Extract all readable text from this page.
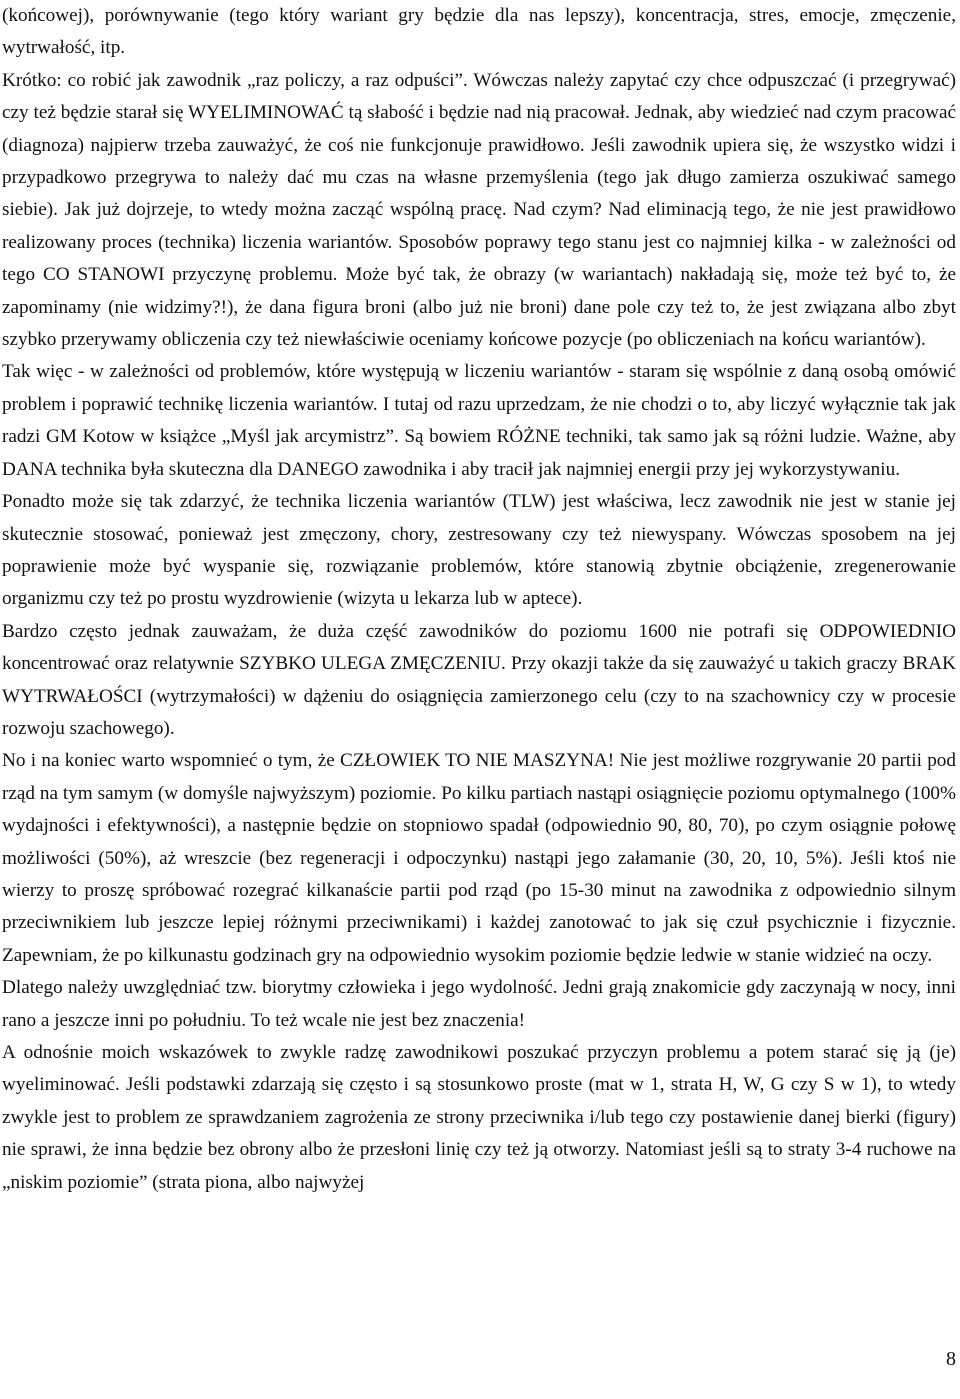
(końcowej), porównywanie (tego który wariant gry będzie dla nas lepszy), koncentracja, stres, emocje, zmęczenie, wytrwałość, itp.

Krótko: co robić jak zawodnik „raz policzy, a raz odpuści”. Wówczas należy zapytać czy chce odpuszczać (i przegrywać) czy też będzie starał się WYELIMINOWAĆ tą słabość i będzie nad nią pracował. Jednak, aby wiedzieć nad czym pracować (diagnoza) najpierw trzeba zauważyć, że coś nie funkcjonuje prawidłowo. Jeśli zawodnik upiera się, że wszystko widzi i przypadkowo przegrywa to należy dać mu czas na własne przemyślenia (tego jak długo zamierza oszukiwać samego siebie). Jak już dojrzeje, to wtedy można zacząć wspólną pracę. Nad czym? Nad eliminacją tego, że nie jest prawidłowo realizowany proces (technika) liczenia wariantów. Sposobów poprawy tego stanu jest co najmniej kilka - w zależności od tego CO STANOWI przyczynę problemu. Może być tak, że obrazy (w wariantach) nakładają się, może też być to, że zapominamy (nie widzimy?!), że dana figura broni (albo już nie broni) dane pole czy też to, że jest związana albo zbyt szybko przerywamy obliczenia czy też niewłaściwie oceniamy końcowe pozycje (po obliczeniach na końcu wariantów).

Tak więc - w zależności od problemów, które występują w liczeniu wariantów - staram się wspólnie z daną osobą omówić problem i poprawić technikę liczenia wariantów. I tutaj od razu uprzedzam, że nie chodzi o to, aby liczyć wyłącznie tak jak radzi GM Kotow w książce „Myśl jak arcymistrz”. Są bowiem RÓŻNE techniki, tak samo jak są różni ludzie. Ważne, aby DANA technika była skuteczna dla DANEGO zawodnika i aby tracił jak najmniej energii przy jej wykorzystywaniu.

Ponadto może się tak zdarzyć, że technika liczenia wariantów (TLW) jest właściwa, lecz zawodnik nie jest w stanie jej skutecznie stosować, ponieważ jest zmęczony, chory, zestresowany czy też niewyspany. Wówczas sposobem na jej poprawienie może być wyspanie się, rozwiązanie problemów, które stanowią zbytnie obciążenie, zregenerowanie organizmu czy też po prostu wyzdrowienie (wizyta u lekarza lub w aptece).

Bardzo często jednak zauważam, że duża część zawodników do poziomu 1600 nie potrafi się ODPOWIEDNIO koncentrować oraz relatywnie SZYBKO ULEGA ZMĘCZENIU. Przy okazji także da się zauważyć u takich graczy BRAK WYTRWAŁOŚCI (wytrzymałości) w dążeniu do osiągnięcia zamierzonego celu (czy to na szachownicy czy w procesie rozwoju szachowego).

No i na koniec warto wspomnieć o tym, że CZŁOWIEK TO NIE MASZYNA! Nie jest możliwe rozgrywanie 20 partii pod rząd na tym samym (w domyśle najwyższym) poziomie. Po kilku partiach nastąpi osiągnięcie poziomu optymalnego (100% wydajności i efektywności), a następnie będzie on stopniowo spadał (odpowiednio 90, 80, 70), po czym osiągnie połowę możliwości (50%), aż wreszcie (bez regeneracji i odpoczynku) nastąpi jego załamanie (30, 20, 10, 5%). Jeśli ktoś nie wierzy to proszę spróbować rozegrać kilkanaście partii pod rząd (po 15-30 minut na zawodnika z odpowiednio silnym przeciwnikiem lub jeszcze lepiej różnymi przeciwnikami) i każdej zanotować to jak się czuł psychicznie i fizycznie. Zapewniam, że po kilkunastu godzinach gry na odpowiednio wysokim poziomie będzie ledwie w stanie widzieć na oczy.

Dlatego należy uwzględniać tzw. biorytmy człowieka i jego wydolność. Jedni grają znakomicie gdy zaczynają w nocy, inni rano a jeszcze inni po południu. To też wcale nie jest bez znaczenia!

A odnośnie moich wskazówek to zwykle radzę zawodnikowi poszukać przyczyn problemu a potem starać się ją (je) wyeliminować. Jeśli podstawki zdarzają się często i są stosunkowo proste (mat w 1, strata H, W, G czy S w 1), to wtedy zwykle jest to problem ze sprawdzaniem zagrożenia ze strony przeciwnika i/lub tego czy postawienie danej bierki (figury) nie sprawi, że inna będzie bez obrony albo że przesłoni linię czy też ją otworzy. Natomiast jeśli są to straty 3-4 ruchowe na „niskim poziomie” (strata piona, albo najwyżej

8
